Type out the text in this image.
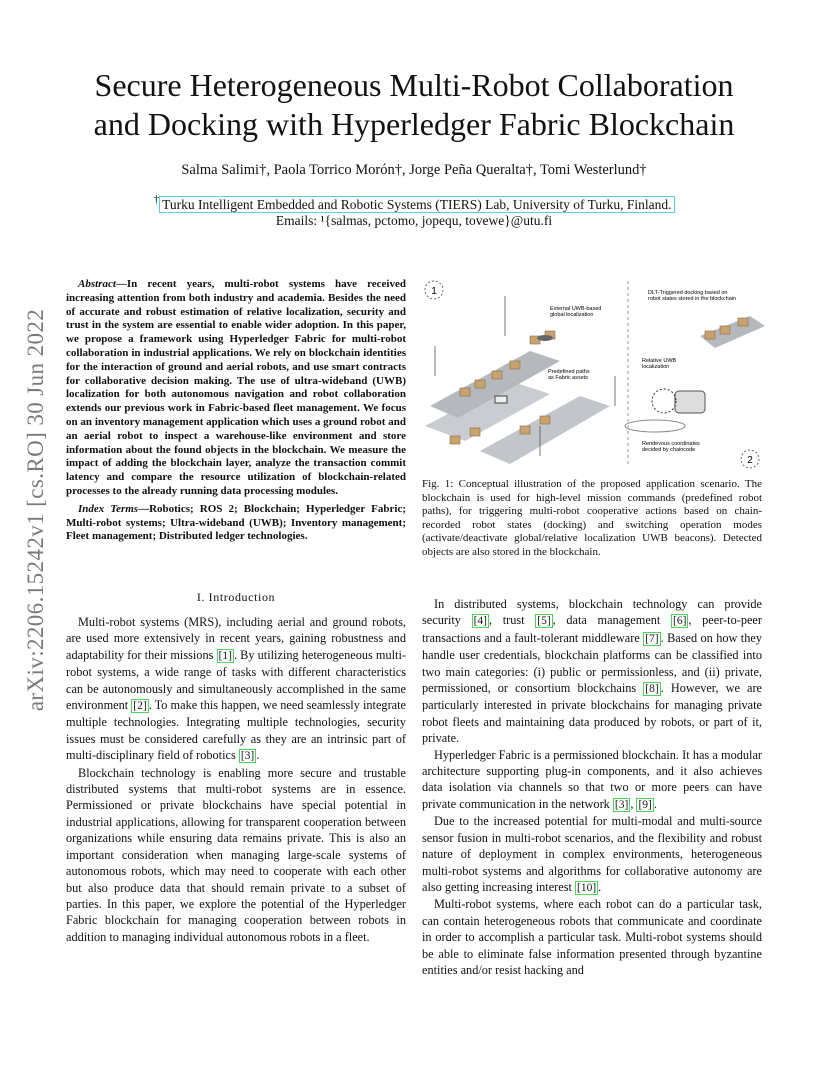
arXiv:2206.15242v1 [cs.RO] 30 Jun 2022
Secure Heterogeneous Multi-Robot Collaboration
and Docking with Hyperledger Fabric Blockchain
Salma Salimi†, Paola Torrico Morón†, Jorge Peña Queralta†, Tomi Westerlund†
† Turku Intelligent Embedded and Robotic Systems (TIERS) Lab, University of Turku, Finland.
Emails: ¹{salmas, pctomo, jopequ, tovewe}@utu.fi

Abstract—In recent years, multi-robot systems have received increasing attention from both industry and academia. Besides the need of accurate and robust estimation of relative localization, security and trust in the system are essential to enable wider adoption. In this paper, we propose a framework using Hyperledger Fabric for multi-robot collaboration in industrial applications. We rely on blockchain identities for the interaction of ground and aerial robots, and use smart contracts for collaborative decision making. The use of ultra-wideband (UWB) localization for both autonomous navigation and robot collaboration extends our previous work in Fabric-based fleet management. We focus on an inventory management application which uses a ground robot and an aerial robot to inspect a warehouse-like environment and store information about the found objects in the blockchain. We measure the impact of adding the blockchain layer, analyze the transaction commit latency and compare the resource utilization of blockchain-related processes to the already running data processing modules.

Index Terms—Robotics; ROS 2; Blockchain; Hyperledger Fabric; Multi-robot systems; Ultra-wideband (UWB); Inventory management; Fleet management; Distributed ledger technologies.

I. Introduction

Multi-robot systems (MRS), including aerial and ground robots, are used more extensively in recent years, gaining robustness and adaptability for their missions [1] . By utilizing heterogeneous multi-robot systems, a wide range of tasks with different characteristics can be autonomously and simultaneously accomplished in the same environment [2] . To make this happen, we need seamlessly integrate multiple technologies. Integrating multiple technologies, security issues must be considered carefully as they are an intrinsic part of multi-disciplinary field of robotics [3] .

Blockchain technology is enabling more secure and trustable distributed systems that multi-robot systems are in essence. Permissioned or private blockchains have special potential in industrial applications, allowing for transparent cooperation between organizations while ensuring data remains private. This is also an important consideration when managing large-scale systems of autonomous robots, which may need to cooperate with each other but also produce data that should remain private to a subset of parties. In this paper, we explore the potential of the Hyperledger Fabric blockchain for managing cooperation between robots in addition to managing individual autonomous robots in a fleet.

1
2
External UWB-based global localization
DLT-Triggered docking based on robot states stored in the blockchain
Predefined paths as Fabric assets
Relative UWB localization
Rendevous coordinates decided by chaincode
Fig. 1: Conceptual illustration of the proposed application scenario. The blockchain is used for high-level mission commands (predefined robot paths), for triggering multi-robot cooperative actions based on chain-recorded robot states (docking) and switching operation modes (activate/deactivate global/relative localization UWB beacons). Detected objects are also stored in the blockchain.

In distributed systems, blockchain technology can provide security [4] , trust [5] , data management [6] , peer-to-peer transactions and a fault-tolerant middleware [7] . Based on how they handle user credentials, blockchain platforms can be classified into two main categories: (i) public or permissionless, and (ii) private, permissioned, or consortium blockchains [8] . However, we are particularly interested in private blockchains for managing private robot fleets and maintaining data produced by robots, or part of it, private.

Hyperledger Fabric is a permissioned blockchain. It has a modular architecture supporting plug-in components, and it also achieves data isolation via channels so that two or more peers can have private communication in the network [3] , [9] .

Due to the increased potential for multi-modal and multi-source sensor fusion in multi-robot scenarios, and the flexibility and robust nature of deployment in complex environments, heterogeneous multi-robot systems and algorithms for collaborative autonomy are also getting increasing interest [10] .

Multi-robot systems, where each robot can do a particular task, can contain heterogeneous robots that communicate and coordinate in order to accomplish a particular task. Multi-robot systems should be able to eliminate false information presented through byzantine entities and/or resist hacking and
